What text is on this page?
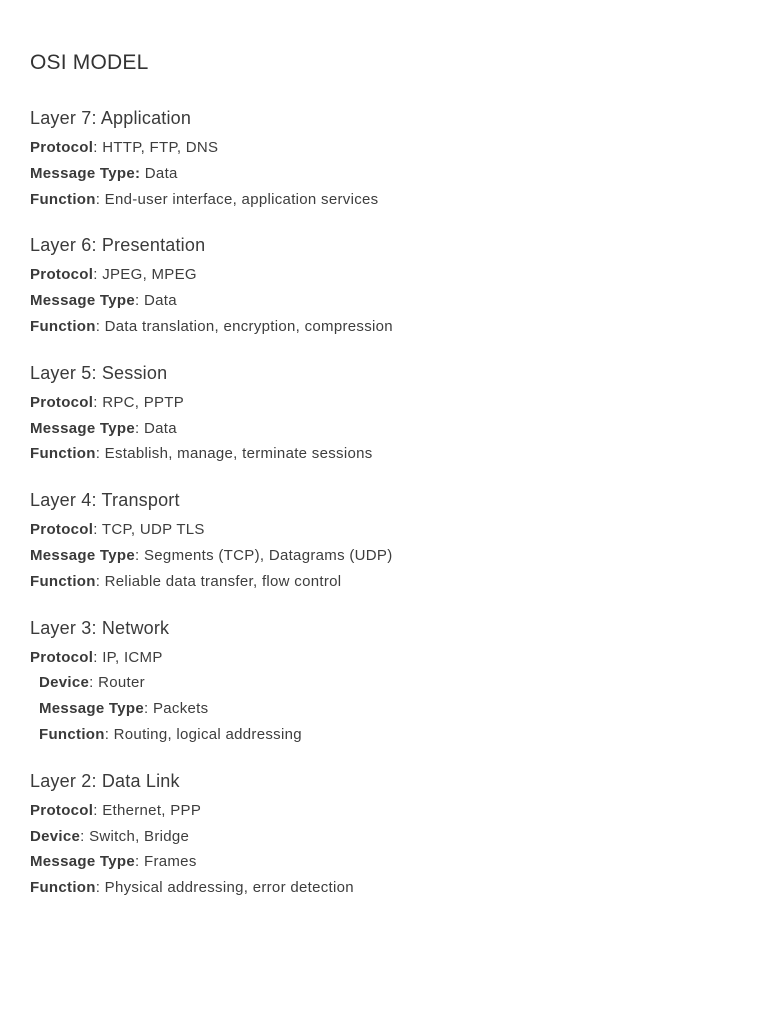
OSI MODEL
Layer 7: Application
Protocol: HTTP, FTP, DNS
Message Type: Data
Function: End-user interface, application services
Layer 6: Presentation
Protocol: JPEG, MPEG
Message Type: Data
Function: Data translation, encryption, compression
Layer 5: Session
Protocol: RPC, PPTP
Message Type: Data
Function: Establish, manage, terminate sessions
Layer 4: Transport
Protocol: TCP, UDP TLS
Message Type: Segments (TCP), Datagrams (UDP)
Function: Reliable data transfer, flow control
Layer 3: Network
Protocol: IP, ICMP
Device: Router
Message Type: Packets
Function: Routing, logical addressing
Layer 2: Data Link
Protocol: Ethernet, PPP
Device: Switch, Bridge
Message Type: Frames
Function: Physical addressing, error detection
